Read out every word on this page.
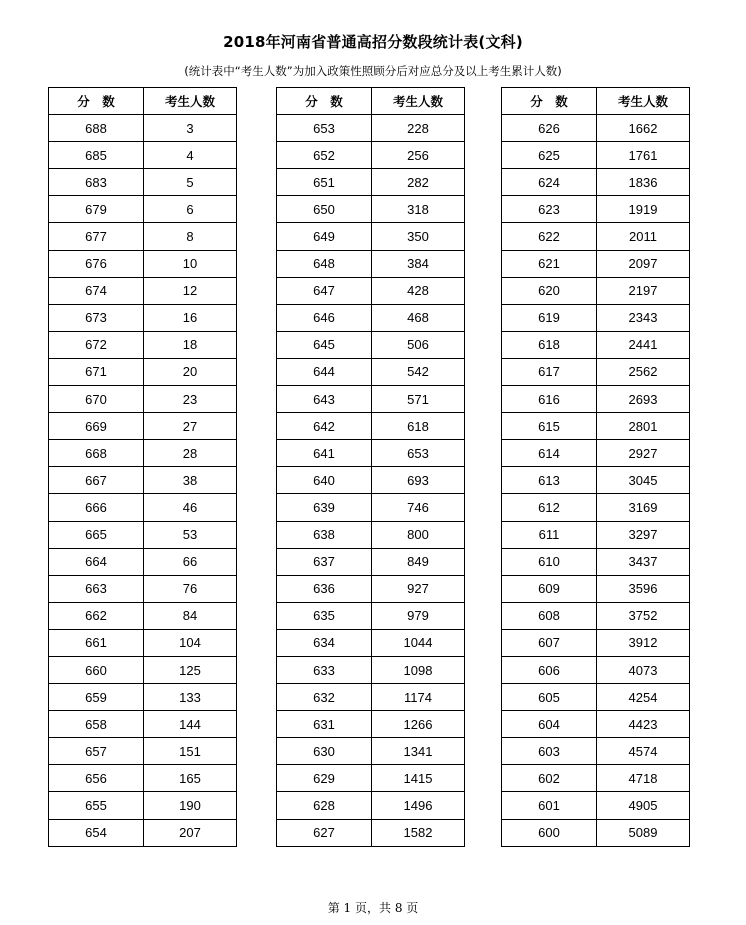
2018年河南省普通高招分数段统计表(文科)
(统计表中“考生人数”为加入政策性照顾分后对应总分及以上考生累计人数)
分　数	考生人数
688	3
685	4
683	5
679	6
677	8
676	10
674	12
673	16
672	18
671	20
670	23
669	27
668	28
667	38
666	46
665	53
664	66
663	76
662	84
661	104
660	125
659	133
658	144
657	151
656	165
655	190
654	207
分　数	考生人数
653	228
652	256
651	282
650	318
649	350
648	384
647	428
646	468
645	506
644	542
643	571
642	618
641	653
640	693
639	746
638	800
637	849
636	927
635	979
634	1044
633	1098
632	1174
631	1266
630	1341
629	1415
628	1496
627	1582
分　数	考生人数
626	1662
625	1761
624	1836
623	1919
622	2011
621	2097
620	2197
619	2343
618	2441
617	2562
616	2693
615	2801
614	2927
613	3045
612	3169
611	3297
610	3437
609	3596
608	3752
607	3912
606	4073
605	4254
604	4423
603	4574
602	4718
601	4905
600	5089
第 1 页，共 8 页
